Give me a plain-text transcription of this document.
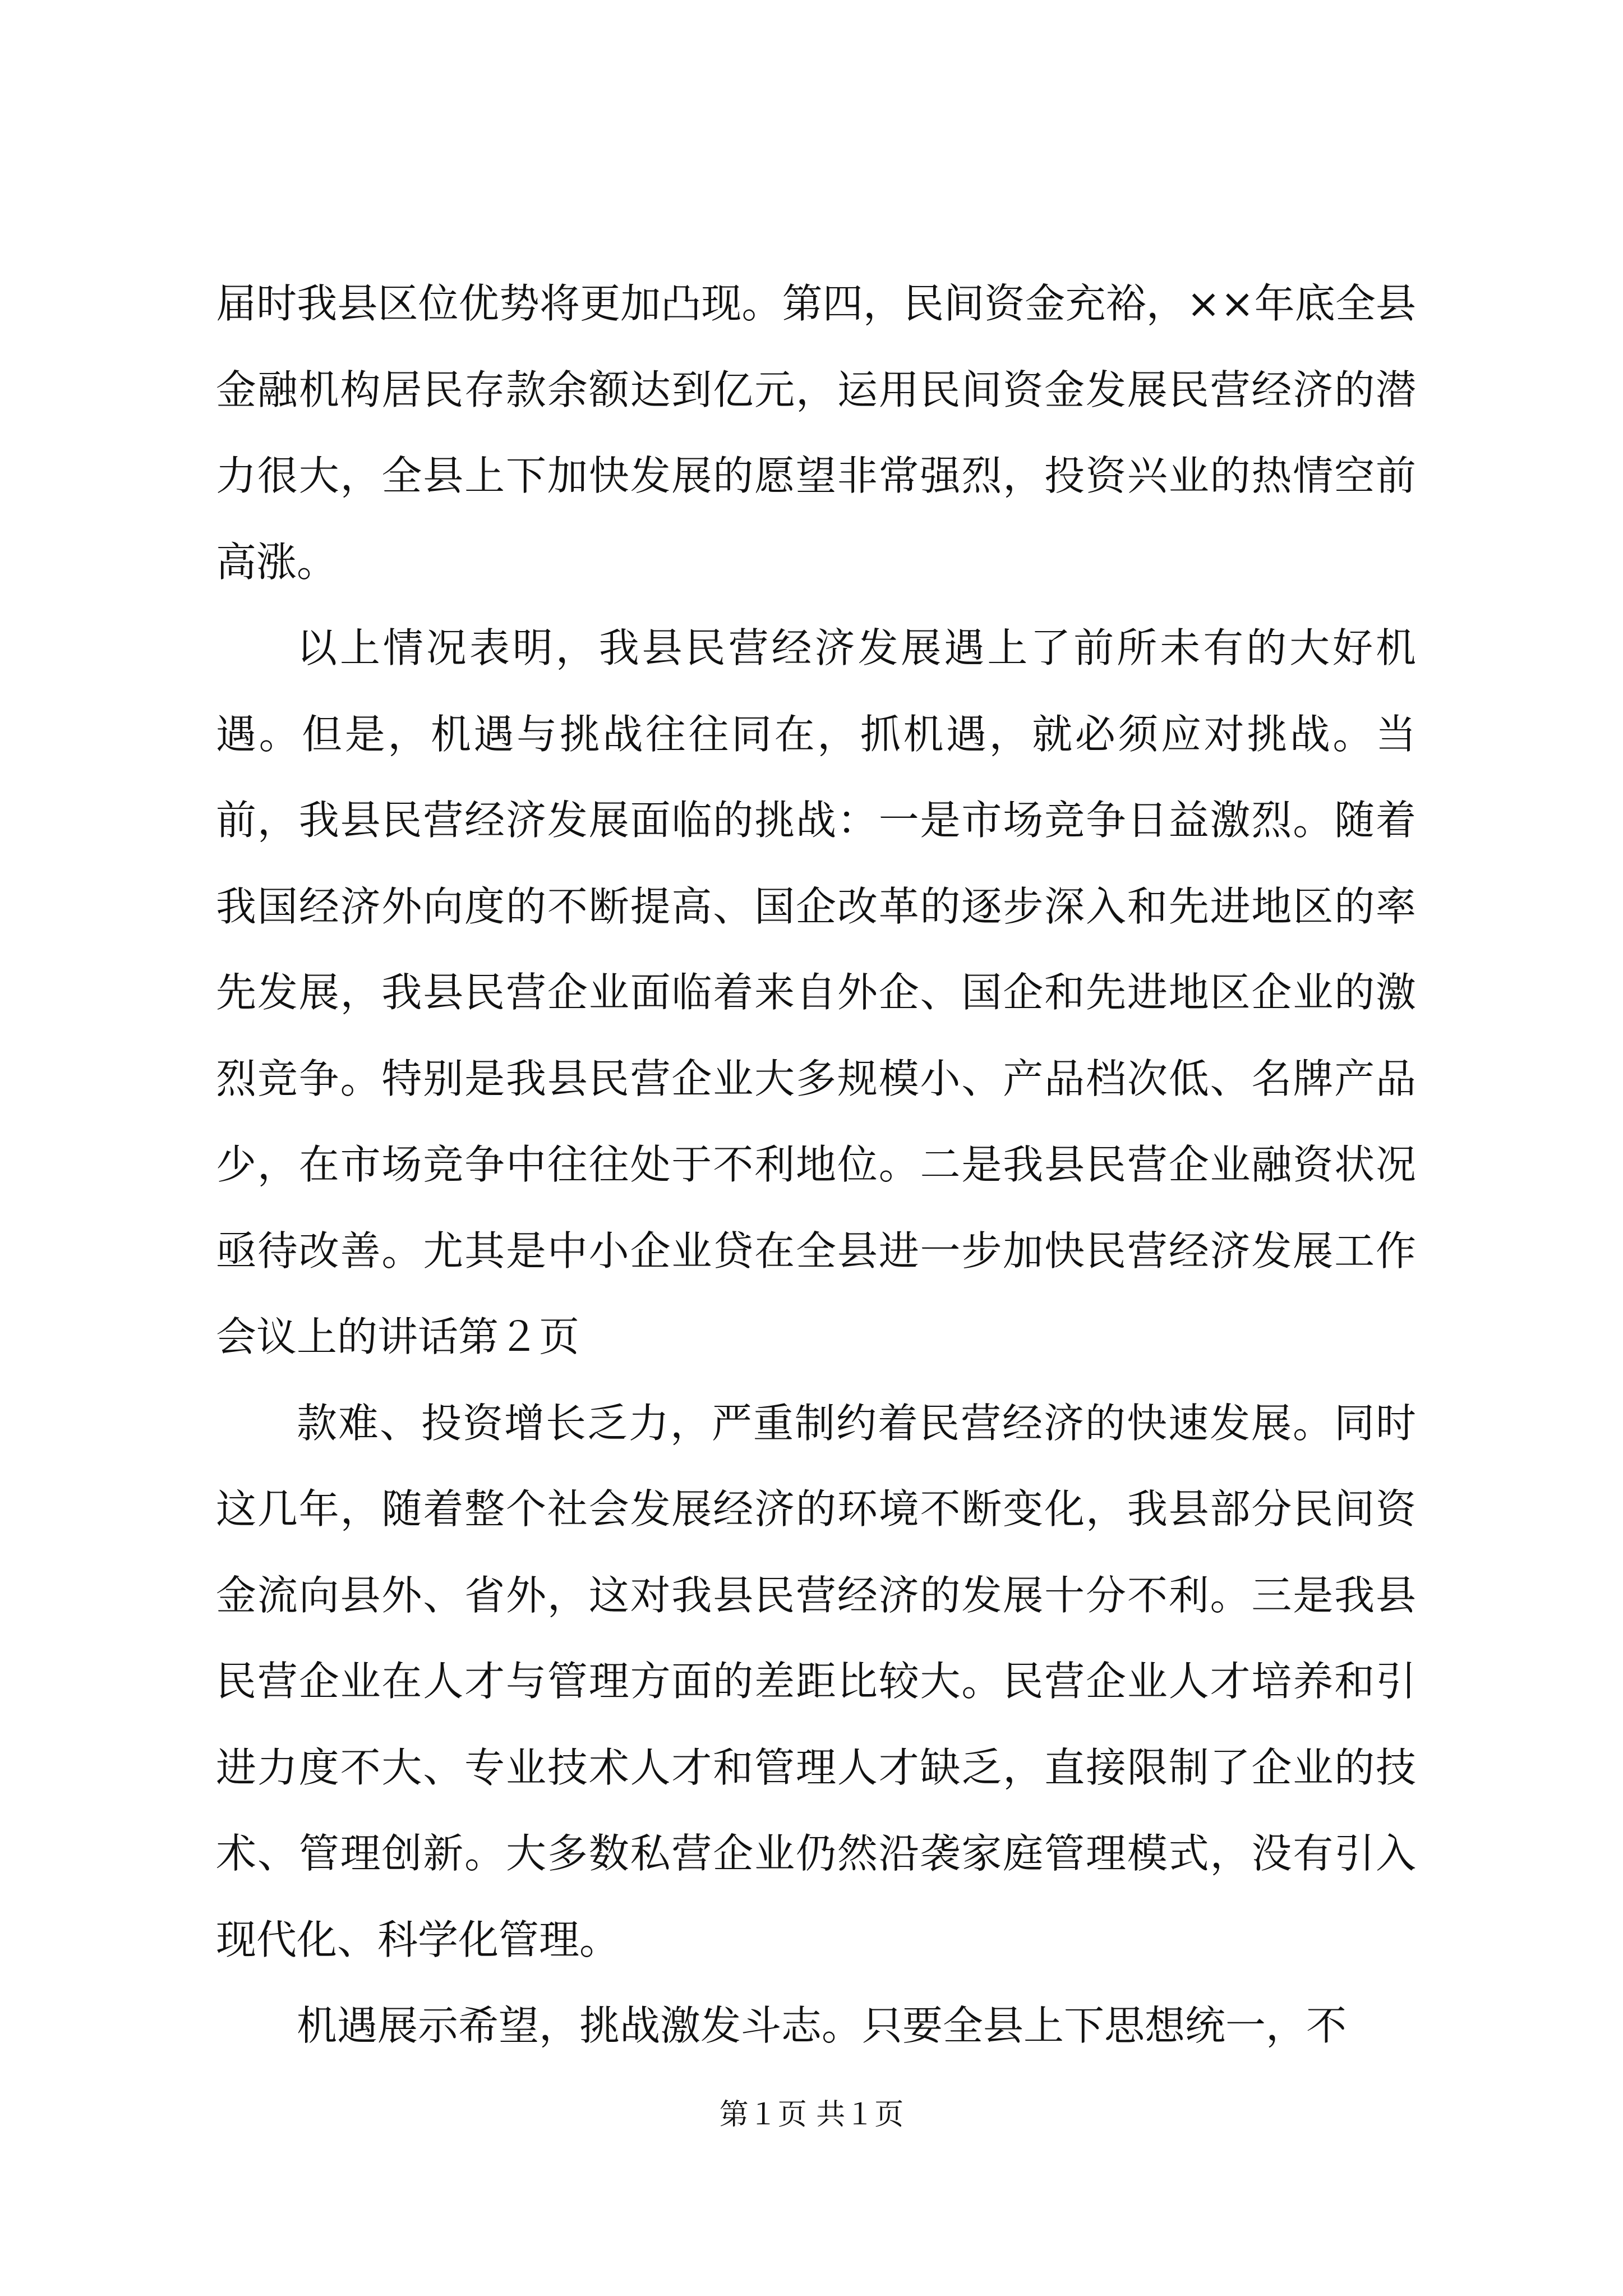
届时我县区位优势将更加凸现。第四，民间资金充裕，××年底全县金融机构居民存款余额达到亿元，运用民间资金发展民营经济的潜力很大，全县上下加快发展的愿望非常强烈，投资兴业的热情空前高涨。

以上情况表明，我县民营经济发展遇上了前所未有的大好机遇。但是，机遇与挑战往往同在，抓机遇，就必须应对挑战。当前，我县民营经济发展面临的挑战：一是市场竞争日益激烈。随着我国经济外向度的不断提高、国企改革的逐步深入和先进地区的率先发展，我县民营企业面临着来自外企、国企和先进地区企业的激烈竞争。特别是我县民营企业大多规模小、产品档次低、名牌产品少，在市场竞争中往往处于不利地位。二是我县民营企业融资状况亟待改善。尤其是中小企业贷在全县进一步加快民营经济发展工作会议上的讲话第２页

款难、投资增长乏力，严重制约着民营经济的快速发展。同时这几年，随着整个社会发展经济的环境不断变化，我县部分民间资金流向县外、省外，这对我县民营经济的发展十分不利。三是我县民营企业在人才与管理方面的差距比较大。民营企业人才培养和引进力度不大、专业技术人才和管理人才缺乏，直接限制了企业的技术、管理创新。大多数私营企业仍然沿袭家庭管理模式，没有引入现代化、科学化管理。

机遇展示希望，挑战激发斗志。只要全县上下思想统一，不

第１页 共１页
